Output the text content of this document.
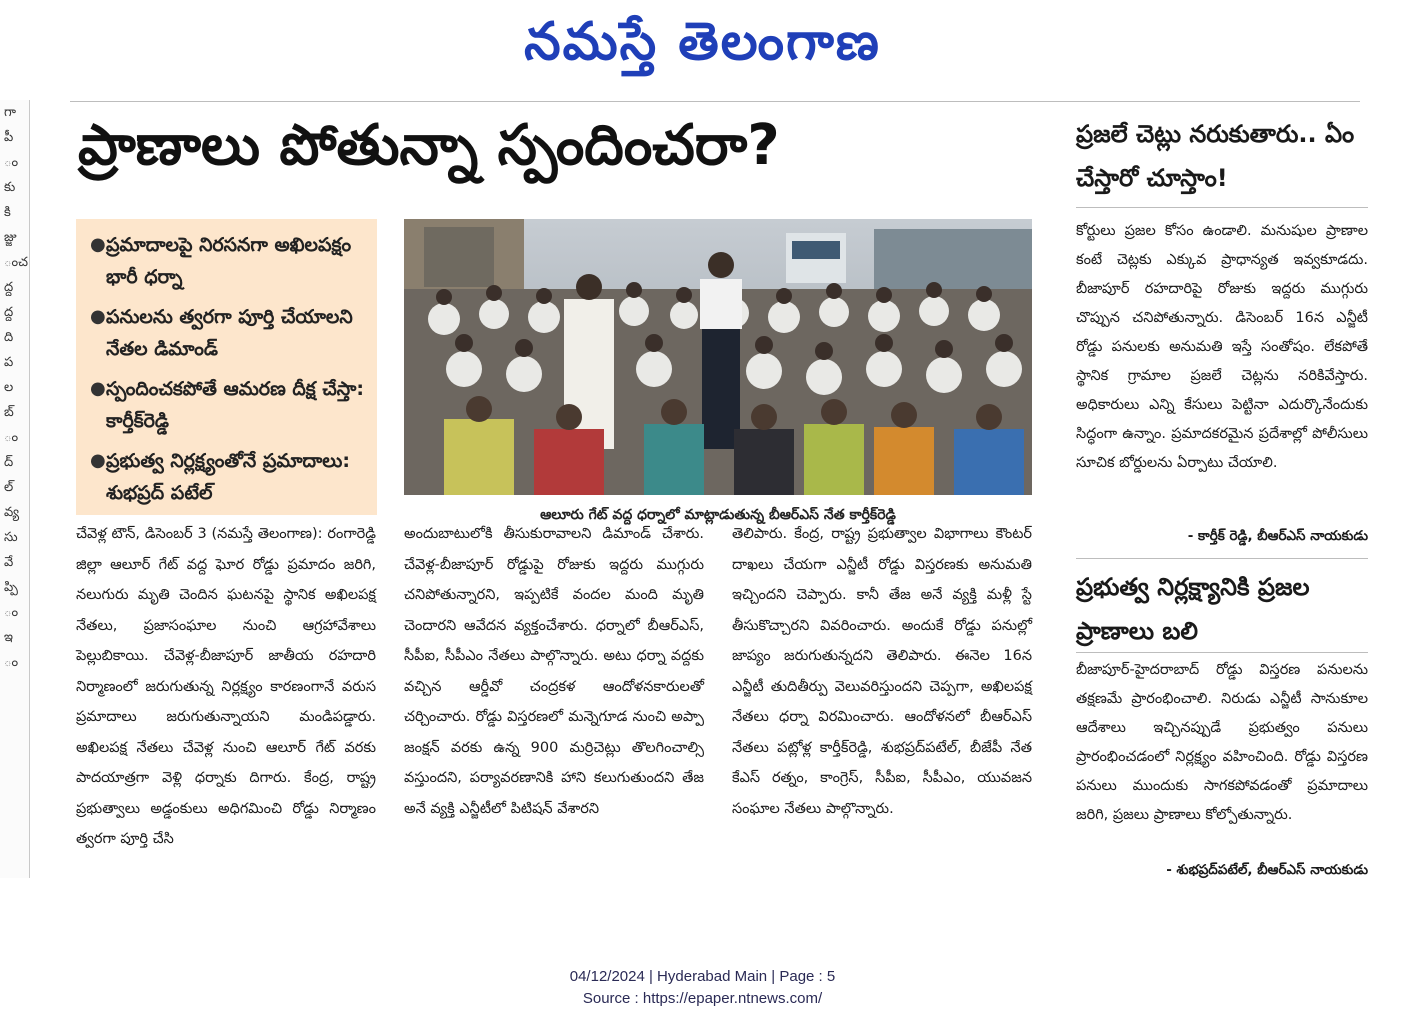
నమస్తే తెలంగాణ
గా
పీ
ం
కు
కి
జ్జు
ంచ
ద్ద
ద్ద
ది
ప
ల
బ్
ం
ద్
ల్
వ్య
సు
వే
ప్పి
ం
ఇ
ం
ప్రాణాలు పోతున్నా స్పందించరా?
● ప్రమాదాలపై నిరసనగా అఖిలపక్షం భారీ ధర్నా
● పనులను త్వరగా పూర్తి చేయాలని నేతల డిమాండ్
● స్పందించకపోతే ఆమరణ దీక్ష చేస్తా: కార్తీక్‌రెడ్డి
● ప్రభుత్వ నిర్లక్ష్యంతోనే ప్రమాదాలు: శుభప్రద్ పటేల్
ఆలూరు గేట్ వద్ద ధర్నాలో మాట్లాడుతున్న బీఆర్ఎస్ నేత కార్తీక్‌రెడ్డి
చేవెళ్ల టౌన్, డిసెంబర్ 3 (నమస్తే తెలంగాణ): రంగారెడ్డి జిల్లా ఆలూర్ గేట్ వద్ద ఘోర రోడ్డు ప్రమాదం జరిగి, నలుగురు మృతి చెందిన ఘటనపై స్థానిక అఖిలపక్ష నేతలు, ప్రజాసంఘాల నుంచి ఆగ్రహావేశాలు పెల్లుబికాయి. చేవెళ్ల-బీజాపూర్ జాతీయ రహదారి నిర్మాణంలో జరుగుతున్న నిర్లక్ష్యం కారణంగానే వరుస ప్రమాదాలు జరుగుతున్నాయని మండిపడ్డారు. అఖిలపక్ష నేతలు చేవెళ్ల నుంచి ఆలూర్ గేట్ వరకు పాదయాత్రగా వెళ్లి ధర్నాకు దిగారు. కేంద్ర, రాష్ట్ర ప్రభుత్వాలు అడ్డంకులు అధిగమించి రోడ్డు నిర్మాణం త్వరగా పూర్తి చేసి
అందుబాటులోకి తీసుకురావాలని డిమాండ్ చేశారు. చేవెళ్ల-బీజాపూర్ రోడ్డుపై రోజుకు ఇద్దరు ముగ్గురు చనిపోతున్నారని, ఇప్పటికే వందల మంది మృతి చెందారని ఆవేదన వ్యక్తంచేశారు. ధర్నాలో బీఆర్ఎస్, సీపీఐ, సీపీఎం నేతలు పాల్గొన్నారు. అటు ధర్నా వద్దకు వచ్చిన ఆర్డీవో చంద్రకళ ఆందోళనకారులతో చర్చించారు. రోడ్డు విస్తరణలో మన్నెగూడ నుంచి అప్పా జంక్షన్ వరకు ఉన్న 900 మర్రిచెట్లు తొలగించాల్సి వస్తుందని, పర్యావరణానికి హాని కలుగుతుందని తేజ అనే వ్యక్తి ఎన్జీటీలో పిటిషన్ వేశారని
తెలిపారు. కేంద్ర, రాష్ట్ర ప్రభుత్వాల విభాగాలు కౌంటర్ దాఖలు చేయగా ఎన్జీటీ రోడ్డు విస్తరణకు అనుమతి ఇచ్చిందని చెప్పారు. కానీ తేజ అనే వ్యక్తి మళ్లీ స్టే తీసుకొచ్చారని వివరించారు. అందుకే రోడ్డు పనుల్లో జాప్యం జరుగుతున్నదని తెలిపారు. ఈనెల 16న ఎన్జీటీ తుదితీర్పు వెలువరిస్తుందని చెప్పగా, అఖిలపక్ష నేతలు ధర్నా విరమించారు. ఆందోళనలో బీఆర్ఎస్ నేతలు పట్లోళ్ల కార్తీక్‌రెడ్డి, శుభప్రద్‌పటేల్, బీజేపీ నేత కేఎస్ రత్నం, కాంగ్రెస్, సీపీఐ, సీపీఎం, యువజన సంఘాల నేతలు పాల్గొన్నారు.
ప్రజలే చెట్లు నరుకుతారు.. ఏం చేస్తారో చూస్తాం!
కోర్టులు ప్రజల కోసం ఉండాలి. మనుషుల ప్రాణాల కంటే చెట్లకు ఎక్కువ ప్రాధాన్యత ఇవ్వకూడదు. బీజాపూర్ రహదారిపై రోజుకు ఇద్దరు ముగ్గురు చొప్పున చనిపోతున్నారు. డిసెంబర్ 16న ఎన్జీటీ రోడ్డు పనులకు అనుమతి ఇస్తే సంతోషం. లేకపోతే స్థానిక గ్రామాల ప్రజలే చెట్లను నరికివేస్తారు. అధికారులు ఎన్ని కేసులు పెట్టినా ఎదుర్కొనేందుకు సిద్ధంగా ఉన్నాం. ప్రమాదకరమైన ప్రదేశాల్లో పోలీసులు సూచిక బోర్డులను ఏర్పాటు చేయాలి.
- కార్తీక్ రెడ్డి, బీఆర్ఎస్ నాయకుడు
ప్రభుత్వ నిర్లక్ష్యానికి ప్రజల ప్రాణాలు బలి
బీజాపూర్-హైదరాబాద్ రోడ్డు విస్తరణ పనులను తక్షణమే ప్రారంభించాలి. నిరుడు ఎన్జీటీ సానుకూల ఆదేశాలు ఇచ్చినప్పుడే ప్రభుత్వం పనులు ప్రారంభించడంలో నిర్లక్ష్యం వహించింది. రోడ్డు విస్తరణ పనులు ముందుకు సాగకపోవడంతో ప్రమాదాలు జరిగి, ప్రజలు ప్రాణాలు కోల్పోతున్నారు.
- శుభప్రద్‌పటేల్, బీఆర్ఎస్ నాయకుడు
04/12/2024 | Hyderabad Main | Page : 5
Source : https://epaper.ntnews.com/
